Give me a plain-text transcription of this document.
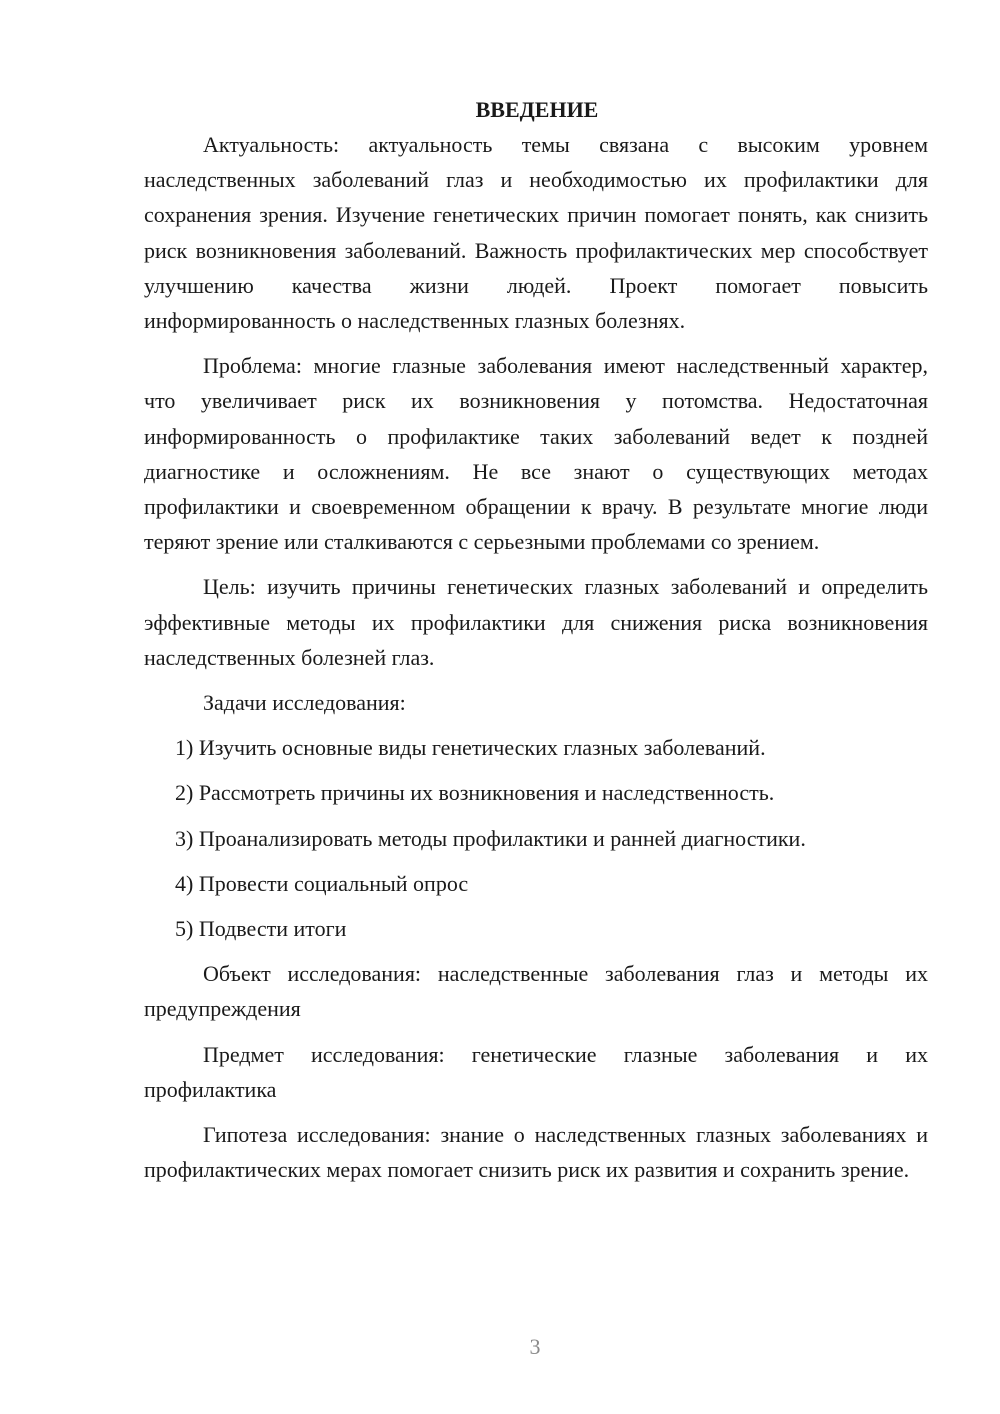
ВВЕДЕНИЕ

Актуальность: актуальность темы связана с высоким уровнем наследственных заболеваний глаз и необходимостью их профилактики для сохранения зрения. Изучение генетических причин помогает понять, как снизить риск возникновения заболеваний. Важность профилактических мер способствует улучшению качества жизни людей. Проект помогает повысить информированность о наследственных глазных болезнях.

Проблема: многие глазные заболевания имеют наследственный характер, что увеличивает риск их возникновения у потомства. Недостаточная информированность о профилактике таких заболеваний ведет к поздней диагностике и осложнениям. Не все знают о существующих методах профилактики и своевременном обращении к врачу. В результате многие люди теряют зрение или сталкиваются с серьезными проблемами со зрением.

Цель: изучить причины генетических глазных заболеваний и определить эффективные методы их профилактики для снижения риска возникновения наследственных болезней глаз.

Задачи исследования:

1) Изучить основные виды генетических глазных заболеваний.
2) Рассмотреть причины их возникновения и наследственность.
3) Проанализировать методы профилактики и ранней диагностики.
4) Провести социальный опрос
5) Подвести итоги

Объект исследования: наследственные заболевания глаз и методы их предупреждения

Предмет исследования: генетические глазные заболевания и их профилактика

Гипотеза исследования: знание о наследственных глазных заболеваниях и профилактических мерах помогает снизить риск их развития и сохранить зрение.

3
